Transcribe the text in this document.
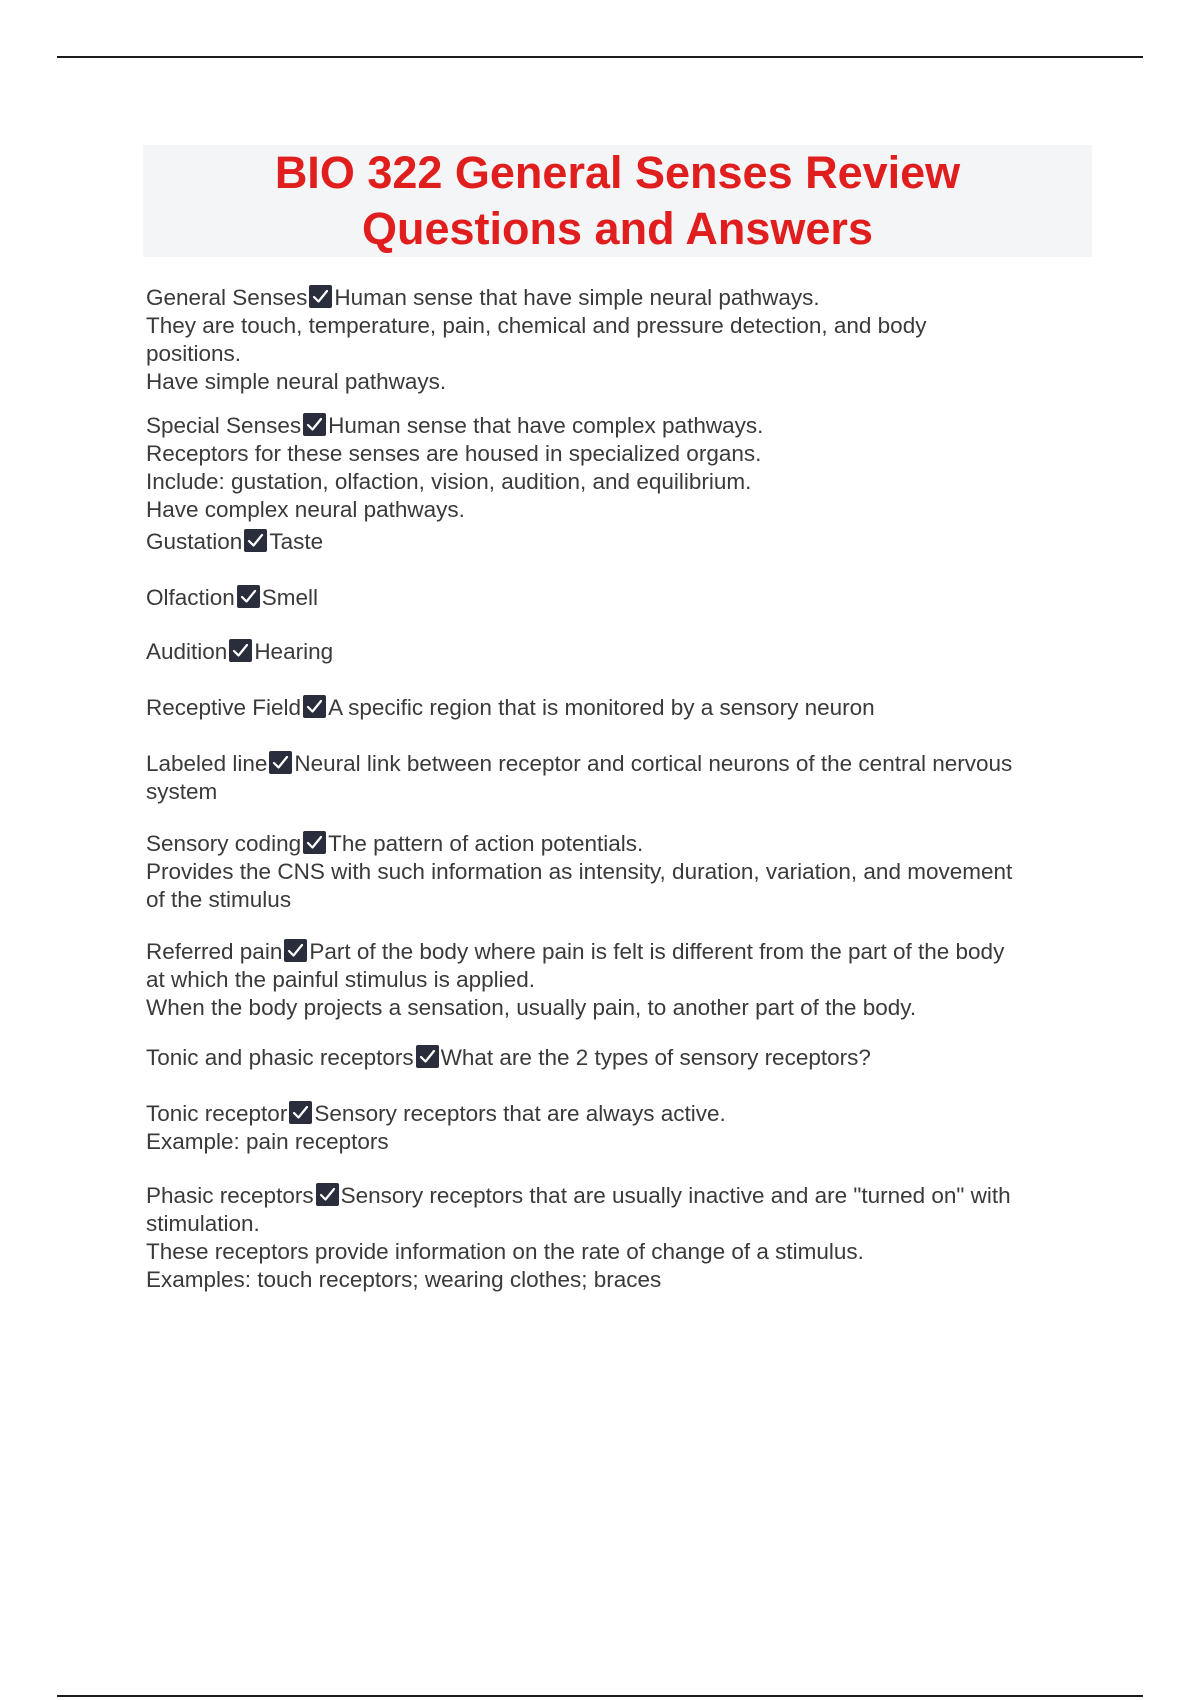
BIO 322 General Senses Review
Questions and Answers
General Senses Human sense that have simple neural pathways.
They are touch, temperature, pain, chemical and pressure detection, and body
positions.
Have simple neural pathways.
Special Senses Human sense that have complex pathways.
Receptors for these senses are housed in specialized organs.
Include: gustation, olfaction, vision, audition, and equilibrium.
Have complex neural pathways.
Gustation Taste
Olfaction Smell
Audition Hearing
Receptive Field A specific region that is monitored by a sensory neuron
Labeled line Neural link between receptor and cortical neurons of the central nervous
system
Sensory coding The pattern of action potentials.
Provides the CNS with such information as intensity, duration, variation, and movement
of the stimulus
Referred pain Part of the body where pain is felt is different from the part of the body
at which the painful stimulus is applied.
When the body projects a sensation, usually pain, to another part of the body.
Tonic and phasic receptors What are the 2 types of sensory receptors?
Tonic receptor Sensory receptors that are always active.
Example: pain receptors
Phasic receptors Sensory receptors that are usually inactive and are "turned on" with
stimulation.
These receptors provide information on the rate of change of a stimulus.
Examples: touch receptors; wearing clothes; braces
